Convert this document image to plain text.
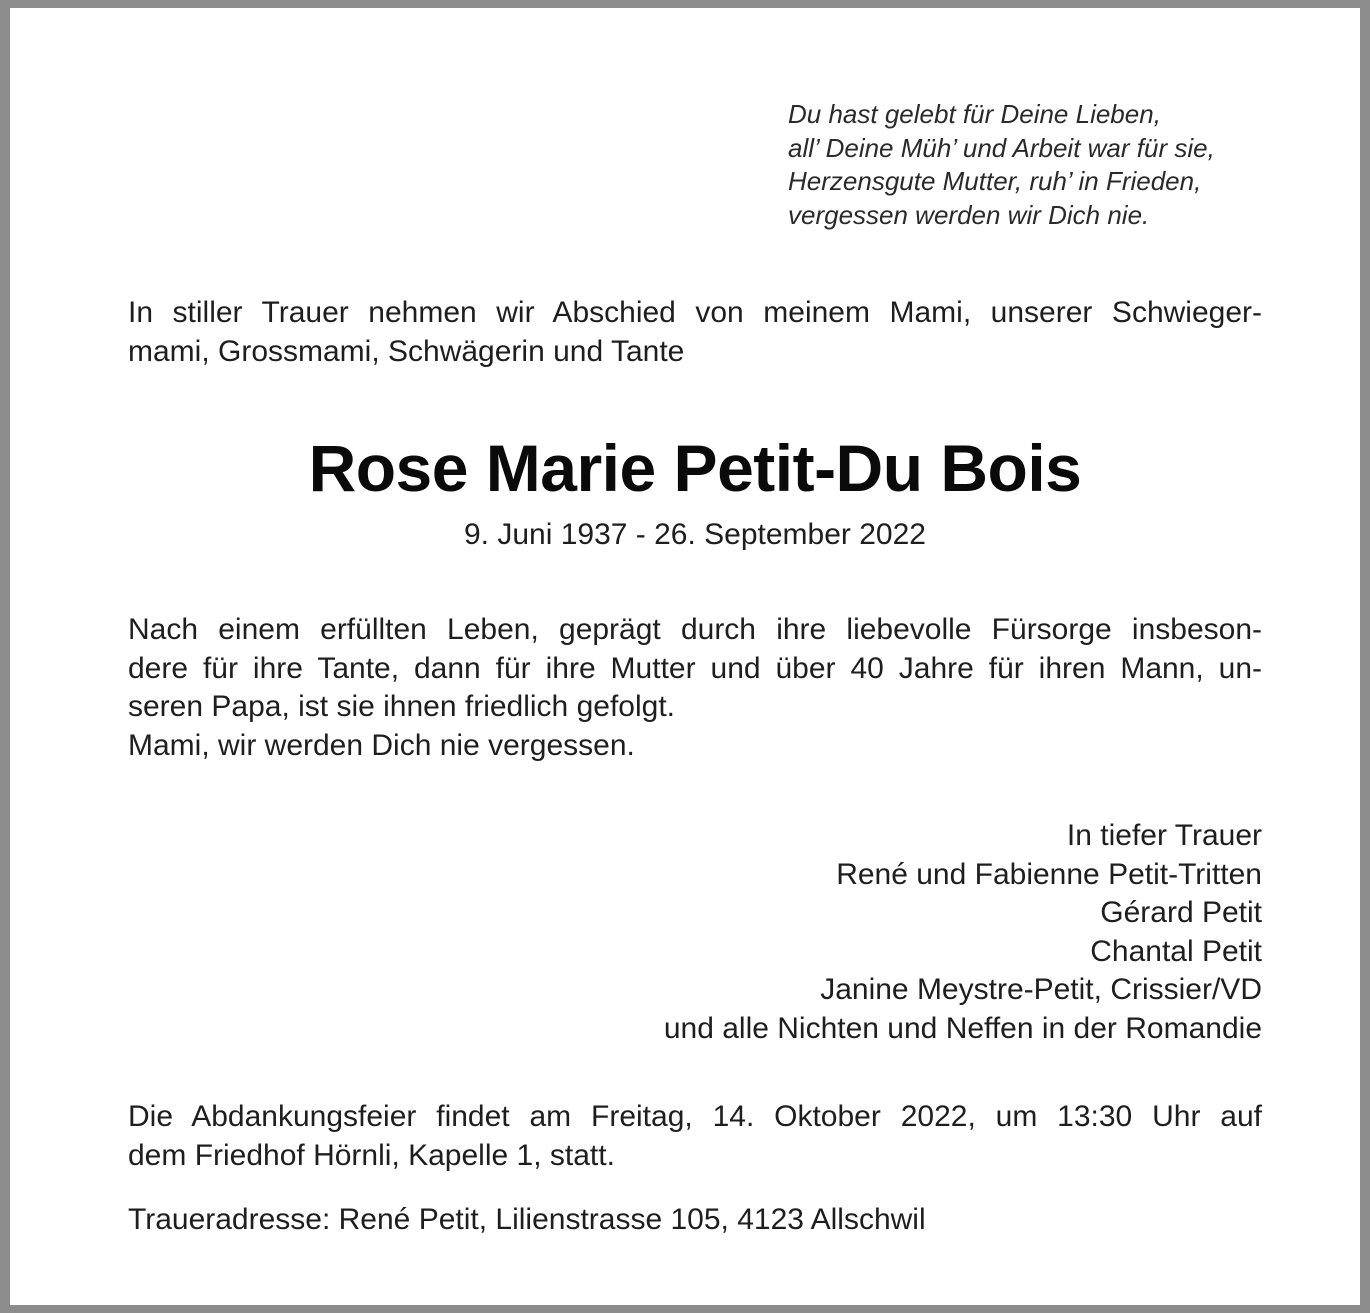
Du hast gelebt für Deine Lieben,
all’ Deine Müh’ und Arbeit war für sie,
Herzensgute Mutter, ruh’ in Frieden,
vergessen werden wir Dich nie.
In stiller Trauer nehmen wir Abschied von meinem Mami, unserer Schwieger-
mami, Grossmami, Schwägerin und Tante
Rose Marie Petit-Du Bois
9. Juni 1937 - 26. September 2022
Nach einem erfüllten Leben, geprägt durch ihre liebevolle Fürsorge insbeson-
dere für ihre Tante, dann für ihre Mutter und über 40 Jahre für ihren Mann, un-
seren Papa, ist sie ihnen friedlich gefolgt.
Mami, wir werden Dich nie vergessen.
In tiefer Trauer
René und Fabienne Petit-Tritten
Gérard Petit
Chantal Petit
Janine Meystre-Petit, Crissier/VD
und alle Nichten und Neffen in der Romandie
Die Abdankungsfeier findet am Freitag, 14. Oktober 2022, um 13:30 Uhr auf
dem Friedhof Hörnli, Kapelle 1, statt.
Traueradresse: René Petit, Lilienstrasse 105, 4123 Allschwil
